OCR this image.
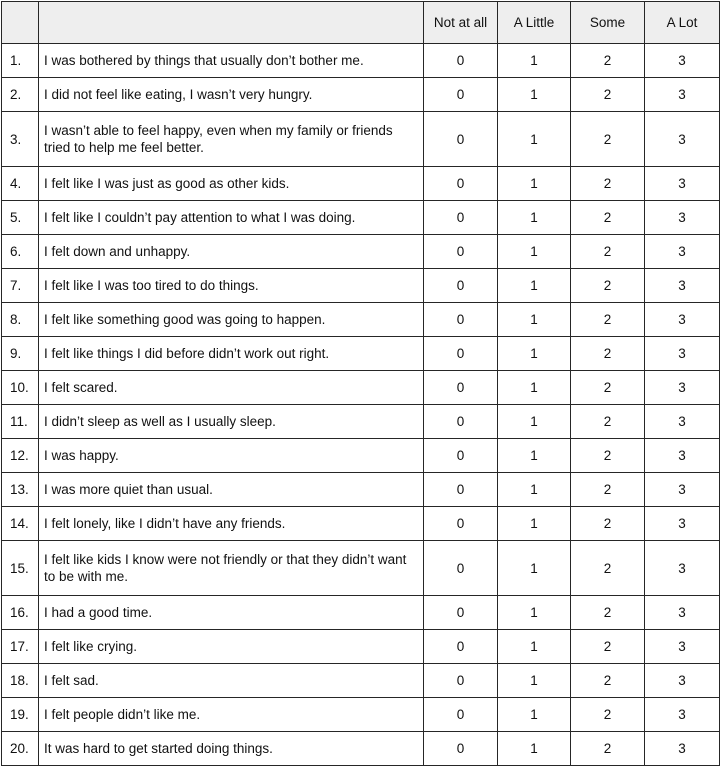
		Not at all	A Little	Some	A Lot
1.	I was bothered by things that usually don’t bother me.	0	1	2	3
2.	I did not feel like eating, I wasn’t very hungry.	0	1	2	3
3.	I wasn’t able to feel happy, even when my family or friends tried to help me feel better.	0	1	2	3
4.	I felt like I was just as good as other kids.	0	1	2	3
5.	I felt like I couldn’t pay attention to what I was doing.	0	1	2	3
6.	I felt down and unhappy.	0	1	2	3
7.	I felt like I was too tired to do things.	0	1	2	3
8.	I felt like something good was going to happen.	0	1	2	3
9.	I felt like things I did before didn’t work out right.	0	1	2	3
10.	I felt scared.	0	1	2	3
11.	I didn’t sleep as well as I usually sleep.	0	1	2	3
12.	I was happy.	0	1	2	3
13.	I was more quiet than usual.	0	1	2	3
14.	I felt lonely, like I didn’t have any friends.	0	1	2	3
15.	I felt like kids I know were not friendly or that they didn’t want to be with me.	0	1	2	3
16.	I had a good time.	0	1	2	3
17.	I felt like crying.	0	1	2	3
18.	I felt sad.	0	1	2	3
19.	I felt people didn’t like me.	0	1	2	3
20.	It was hard to get started doing things.	0	1	2	3
